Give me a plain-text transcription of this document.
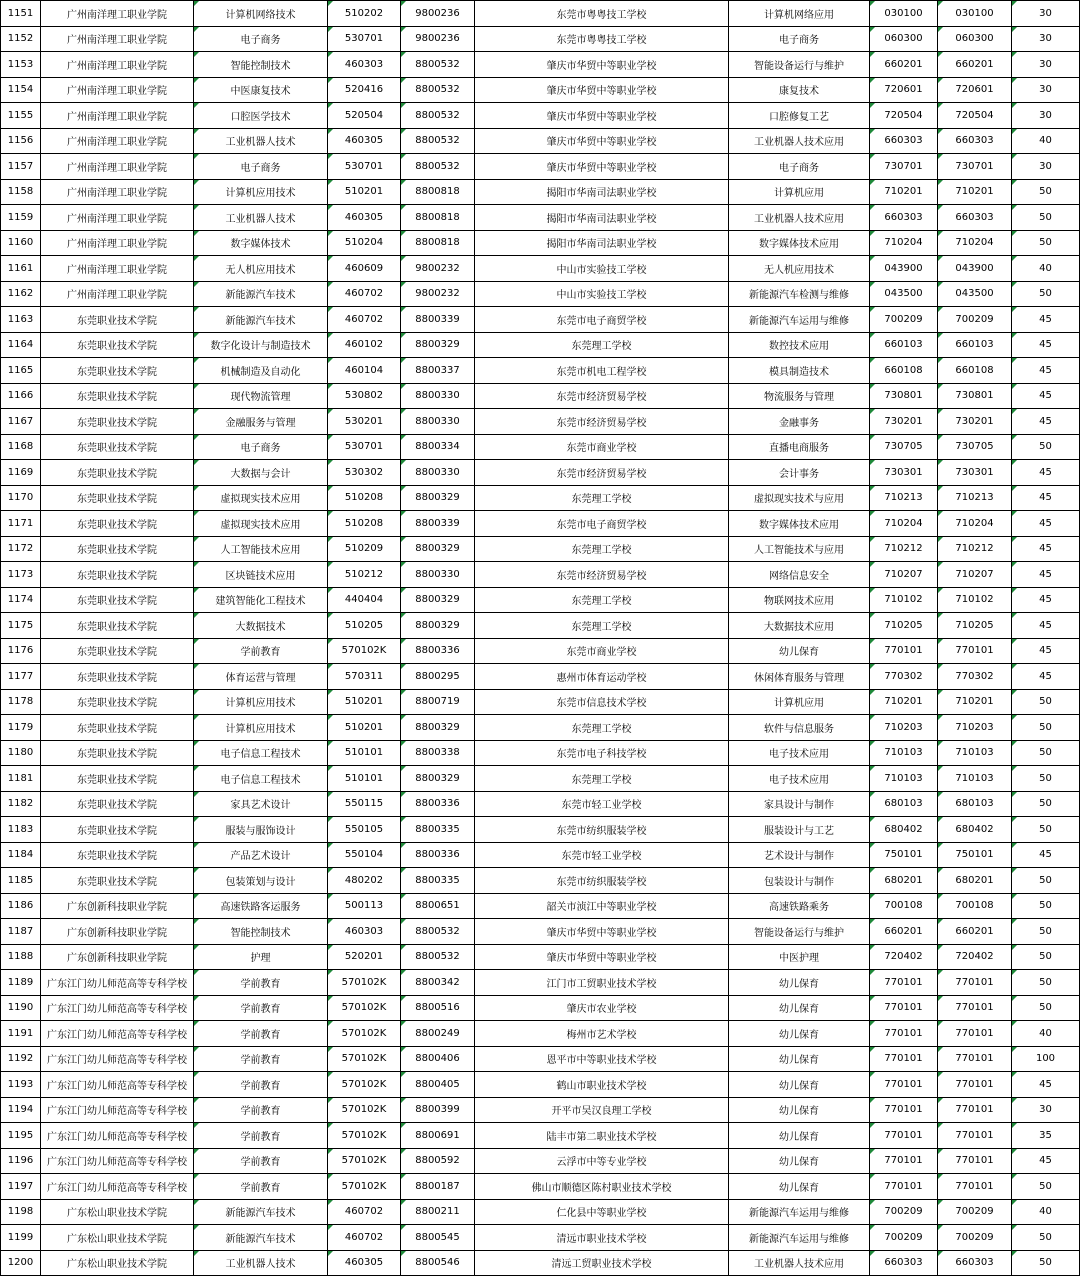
1151	广州南洋理工职业学院	计算机网络技术	510202	9800236	东莞市粤粤技工学校	计算机网络应用	030100	030100	30
1152	广州南洋理工职业学院	电子商务	530701	9800236	东莞市粤粤技工学校	电子商务	060300	060300	30
1153	广州南洋理工职业学院	智能控制技术	460303	8800532	肇庆市华贸中等职业学校	智能设备运行与维护	660201	660201	30
1154	广州南洋理工职业学院	中医康复技术	520416	8800532	肇庆市华贸中等职业学校	康复技术	720601	720601	30
1155	广州南洋理工职业学院	口腔医学技术	520504	8800532	肇庆市华贸中等职业学校	口腔修复工艺	720504	720504	30
1156	广州南洋理工职业学院	工业机器人技术	460305	8800532	肇庆市华贸中等职业学校	工业机器人技术应用	660303	660303	40
1157	广州南洋理工职业学院	电子商务	530701	8800532	肇庆市华贸中等职业学校	电子商务	730701	730701	30
1158	广州南洋理工职业学院	计算机应用技术	510201	8800818	揭阳市华南司法职业学校	计算机应用	710201	710201	50
1159	广州南洋理工职业学院	工业机器人技术	460305	8800818	揭阳市华南司法职业学校	工业机器人技术应用	660303	660303	50
1160	广州南洋理工职业学院	数字媒体技术	510204	8800818	揭阳市华南司法职业学校	数字媒体技术应用	710204	710204	50
1161	广州南洋理工职业学院	无人机应用技术	460609	9800232	中山市实验技工学校	无人机应用技术	043900	043900	40
1162	广州南洋理工职业学院	新能源汽车技术	460702	9800232	中山市实验技工学校	新能源汽车检测与维修	043500	043500	50
1163	东莞职业技术学院	新能源汽车技术	460702	8800339	东莞市电子商贸学校	新能源汽车运用与维修	700209	700209	45
1164	东莞职业技术学院	数字化设计与制造技术	460102	8800329	东莞理工学校	数控技术应用	660103	660103	45
1165	东莞职业技术学院	机械制造及自动化	460104	8800337	东莞市机电工程学校	模具制造技术	660108	660108	45
1166	东莞职业技术学院	现代物流管理	530802	8800330	东莞市经济贸易学校	物流服务与管理	730801	730801	45
1167	东莞职业技术学院	金融服务与管理	530201	8800330	东莞市经济贸易学校	金融事务	730201	730201	45
1168	东莞职业技术学院	电子商务	530701	8800334	东莞市商业学校	直播电商服务	730705	730705	50
1169	东莞职业技术学院	大数据与会计	530302	8800330	东莞市经济贸易学校	会计事务	730301	730301	45
1170	东莞职业技术学院	虚拟现实技术应用	510208	8800329	东莞理工学校	虚拟现实技术与应用	710213	710213	45
1171	东莞职业技术学院	虚拟现实技术应用	510208	8800339	东莞市电子商贸学校	数字媒体技术应用	710204	710204	45
1172	东莞职业技术学院	人工智能技术应用	510209	8800329	东莞理工学校	人工智能技术与应用	710212	710212	45
1173	东莞职业技术学院	区块链技术应用	510212	8800330	东莞市经济贸易学校	网络信息安全	710207	710207	45
1174	东莞职业技术学院	建筑智能化工程技术	440404	8800329	东莞理工学校	物联网技术应用	710102	710102	45
1175	东莞职业技术学院	大数据技术	510205	8800329	东莞理工学校	大数据技术应用	710205	710205	45
1176	东莞职业技术学院	学前教育	570102K	8800336	东莞市商业学校	幼儿保育	770101	770101	45
1177	东莞职业技术学院	体育运营与管理	570311	8800295	惠州市体育运动学校	休闲体育服务与管理	770302	770302	45
1178	东莞职业技术学院	计算机应用技术	510201	8800719	东莞市信息技术学校	计算机应用	710201	710201	50
1179	东莞职业技术学院	计算机应用技术	510201	8800329	东莞理工学校	软件与信息服务	710203	710203	50
1180	东莞职业技术学院	电子信息工程技术	510101	8800338	东莞市电子科技学校	电子技术应用	710103	710103	50
1181	东莞职业技术学院	电子信息工程技术	510101	8800329	东莞理工学校	电子技术应用	710103	710103	50
1182	东莞职业技术学院	家具艺术设计	550115	8800336	东莞市轻工业学校	家具设计与制作	680103	680103	50
1183	东莞职业技术学院	服装与服饰设计	550105	8800335	东莞市纺织服装学校	服装设计与工艺	680402	680402	50
1184	东莞职业技术学院	产品艺术设计	550104	8800336	东莞市轻工业学校	艺术设计与制作	750101	750101	45
1185	东莞职业技术学院	包装策划与设计	480202	8800335	东莞市纺织服装学校	包装设计与制作	680201	680201	50
1186	广东创新科技职业学院	高速铁路客运服务	500113	8800651	韶关市浈江中等职业学校	高速铁路乘务	700108	700108	50
1187	广东创新科技职业学院	智能控制技术	460303	8800532	肇庆市华贸中等职业学校	智能设备运行与维护	660201	660201	50
1188	广东创新科技职业学院	护理	520201	8800532	肇庆市华贸中等职业学校	中医护理	720402	720402	50
1189	广东江门幼儿师范高等专科学校	学前教育	570102K	8800342	江门市工贸职业技术学校	幼儿保育	770101	770101	50
1190	广东江门幼儿师范高等专科学校	学前教育	570102K	8800516	肇庆市农业学校	幼儿保育	770101	770101	50
1191	广东江门幼儿师范高等专科学校	学前教育	570102K	8800249	梅州市艺术学校	幼儿保育	770101	770101	40
1192	广东江门幼儿师范高等专科学校	学前教育	570102K	8800406	恩平市中等职业技术学校	幼儿保育	770101	770101	100
1193	广东江门幼儿师范高等专科学校	学前教育	570102K	8800405	鹤山市职业技术学校	幼儿保育	770101	770101	45
1194	广东江门幼儿师范高等专科学校	学前教育	570102K	8800399	开平市吴汉良理工学校	幼儿保育	770101	770101	30
1195	广东江门幼儿师范高等专科学校	学前教育	570102K	8800691	陆丰市第二职业技术学校	幼儿保育	770101	770101	35
1196	广东江门幼儿师范高等专科学校	学前教育	570102K	8800592	云浮市中等专业学校	幼儿保育	770101	770101	45
1197	广东江门幼儿师范高等专科学校	学前教育	570102K	8800187	佛山市顺德区陈村职业技术学校	幼儿保育	770101	770101	50
1198	广东松山职业技术学院	新能源汽车技术	460702	8800211	仁化县中等职业学校	新能源汽车运用与维修	700209	700209	40
1199	广东松山职业技术学院	新能源汽车技术	460702	8800545	清远市职业技术学校	新能源汽车运用与维修	700209	700209	50
1200	广东松山职业技术学院	工业机器人技术	460305	8800546	清远工贸职业技术学校	工业机器人技术应用	660303	660303	50
